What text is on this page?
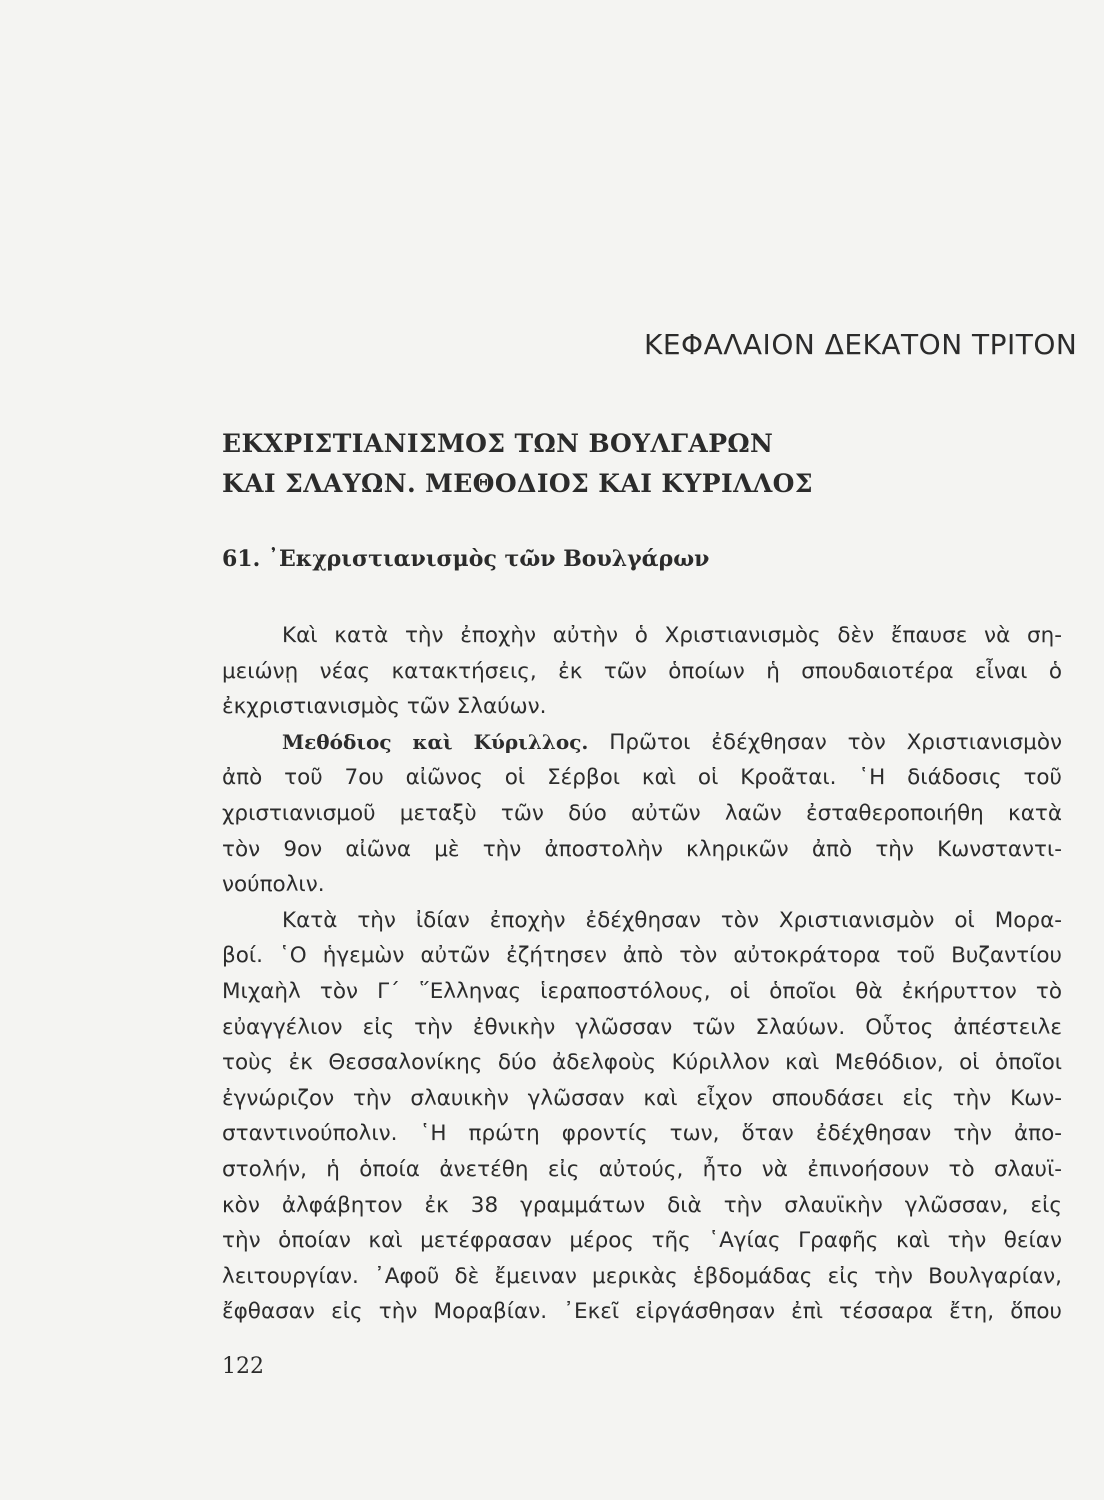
ΚΕΦΑΛΑΙΟΝ ΔΕΚΑΤΟΝ ΤΡΙΤΟΝ
ΕΚΧΡΙΣΤΙΑΝΙΣΜΟΣ ΤΩΝ ΒΟΥΛΓΑΡΩΝ
ΚΑΙ ΣΛΑΥΩΝ. ΜΕΘΟΔΙΟΣ ΚΑΙ ΚΥΡΙΛΛΟΣ
61. ᾿Εκχριστιανισμὸς τῶν Βουλγάρων
Καὶ κατὰ τὴν ἐποχὴν αὐτὴν ὁ Χριστιανισμὸς δὲν ἔπαυσε νὰ ση-
μειώνῃ νέας κατακτήσεις, ἐκ τῶν ὁποίων ἡ σπουδαιοτέρα εἶναι ὁ
ἐκχριστιανισμὸς τῶν Σλαύων.
Μεθόδιος καὶ Κύριλλος. Πρῶτοι ἐδέχθησαν τὸν Χριστιανισμὸν
ἀπὸ τοῦ 7ου αἰῶνος οἱ Σέρβοι καὶ οἱ Κροᾶται. ῾Η διάδοσις τοῦ
χριστιανισμοῦ μεταξὺ τῶν δύο αὐτῶν λαῶν ἐσταθεροποιήθη κατὰ
τὸν 9ον αἰῶνα μὲ τὴν ἀποστολὴν κληρικῶν ἀπὸ τὴν Κωνσταντι-
νούπολιν.
Κατὰ τὴν ἰδίαν ἐποχὴν ἐδέχθησαν τὸν Χριστιανισμὸν οἱ Μορα-
βοί. ῾Ο ἡγεμὼν αὐτῶν ἐζήτησεν ἀπὸ τὸν αὐτοκράτορα τοῦ Βυζαντίου
Μιχαὴλ τὸν Γ΄ ῞Ελληνας ἱεραποστόλους, οἱ ὁποῖοι θὰ ἐκήρυττον τὸ
εὐαγγέλιον εἰς τὴν ἐθνικὴν γλῶσσαν τῶν Σλαύων. Οὗτος ἀπέστειλε
τοὺς ἐκ Θεσσαλονίκης δύο ἀδελφοὺς Κύριλλον καὶ Μεθόδιον, οἱ ὁποῖοι
ἐγνώριζον τὴν σλαυικὴν γλῶσσαν καὶ εἶχον σπουδάσει εἰς τὴν Κων-
σταντινούπολιν. ῾Η πρώτη φροντίς των, ὅταν ἐδέχθησαν τὴν ἀπο-
στολήν, ἡ ὁποία ἀνετέθη εἰς αὐτούς, ἦτο νὰ ἐπινοήσουν τὸ σλαυϊ-
κὸν ἀλφάβητον ἐκ 38 γραμμάτων διὰ τὴν σλαυϊκὴν γλῶσσαν, εἰς
τὴν ὁποίαν καὶ μετέφρασαν μέρος τῆς ῾Αγίας Γραφῆς καὶ τὴν θείαν
λειτουργίαν. ᾿Αφοῦ δὲ ἔμειναν μερικὰς ἑβδομάδας εἰς τὴν Βουλγαρίαν,
ἔφθασαν εἰς τὴν Μοραβίαν. ᾿Εκεῖ εἰργάσθησαν ἐπὶ τέσσαρα ἔτη, ὅπου
122
